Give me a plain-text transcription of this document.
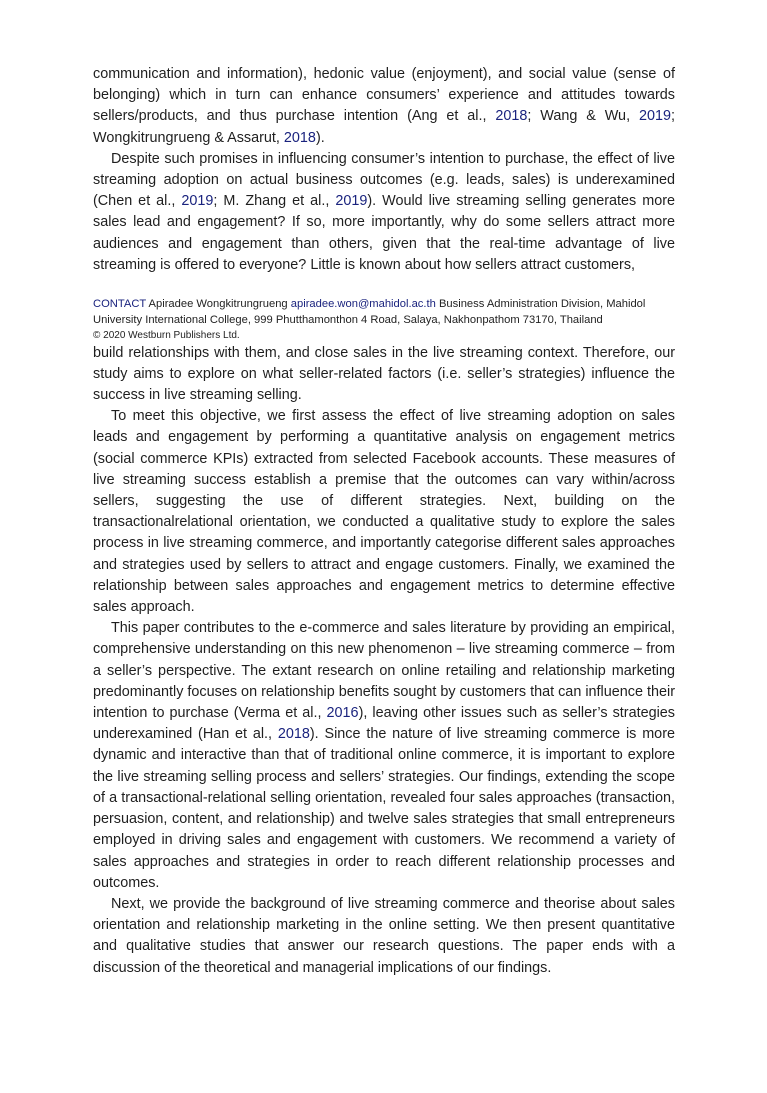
communication and information), hedonic value (enjoyment), and social value (sense of belonging) which in turn can enhance consumers’ experience and attitudes towards sellers/products, and thus purchase intention (Ang et al., 2018; Wang & Wu, 2019; Wongkitrungrueng & Assarut, 2018).

Despite such promises in influencing consumer’s intention to purchase, the effect of live streaming adoption on actual business outcomes (e.g. leads, sales) is underexamined (Chen et al., 2019; M. Zhang et al., 2019). Would live streaming selling generates more sales lead and engagement? If so, more importantly, why do some sellers attract more audiences and engagement than others, given that the real-time advantage of live streaming is offered to everyone? Little is known about how sellers attract customers,

CONTACT Apiradee Wongkitrungrueng apiradee.won@mahidol.ac.th Business Administration Division, Mahidol University International College, 999 Phutthamonthon 4 Road, Salaya, Nakhonpathom 73170, Thailand

© 2020 Westburn Publishers Ltd.

build relationships with them, and close sales in the live streaming context. Therefore, our study aims to explore on what seller-related factors (i.e. seller’s strategies) influence the success in live streaming selling.

To meet this objective, we first assess the effect of live streaming adoption on sales leads and engagement by performing a quantitative analysis on engagement metrics (social commerce KPIs) extracted from selected Facebook accounts. These measures of live streaming success establish a premise that the outcomes can vary within/across sellers, suggesting the use of different strategies. Next, building on the transactionalrelational orientation, we conducted a qualitative study to explore the sales process in live streaming commerce, and importantly categorise different sales approaches and strategies used by sellers to attract and engage customers. Finally, we examined the relationship between sales approaches and engagement metrics to determine effective sales approach.

This paper contributes to the e-commerce and sales literature by providing an empirical, comprehensive understanding on this new phenomenon – live streaming commerce – from a seller’s perspective. The extant research on online retailing and relationship marketing predominantly focuses on relationship benefits sought by customers that can influence their intention to purchase (Verma et al., 2016), leaving other issues such as seller’s strategies underexamined (Han et al., 2018). Since the nature of live streaming commerce is more dynamic and interactive than that of traditional online commerce, it is important to explore the live streaming selling process and sellers’ strategies. Our findings, extending the scope of a transactional-relational selling orientation, revealed four sales approaches (transaction, persuasion, content, and relationship) and twelve sales strategies that small entrepreneurs employed in driving sales and engagement with customers. We recommend a variety of sales approaches and strategies in order to reach different relationship processes and outcomes.

Next, we provide the background of live streaming commerce and theorise about sales orientation and relationship marketing in the online setting. We then present quantitative and qualitative studies that answer our research questions. The paper ends with a discussion of the theoretical and managerial implications of our findings.
